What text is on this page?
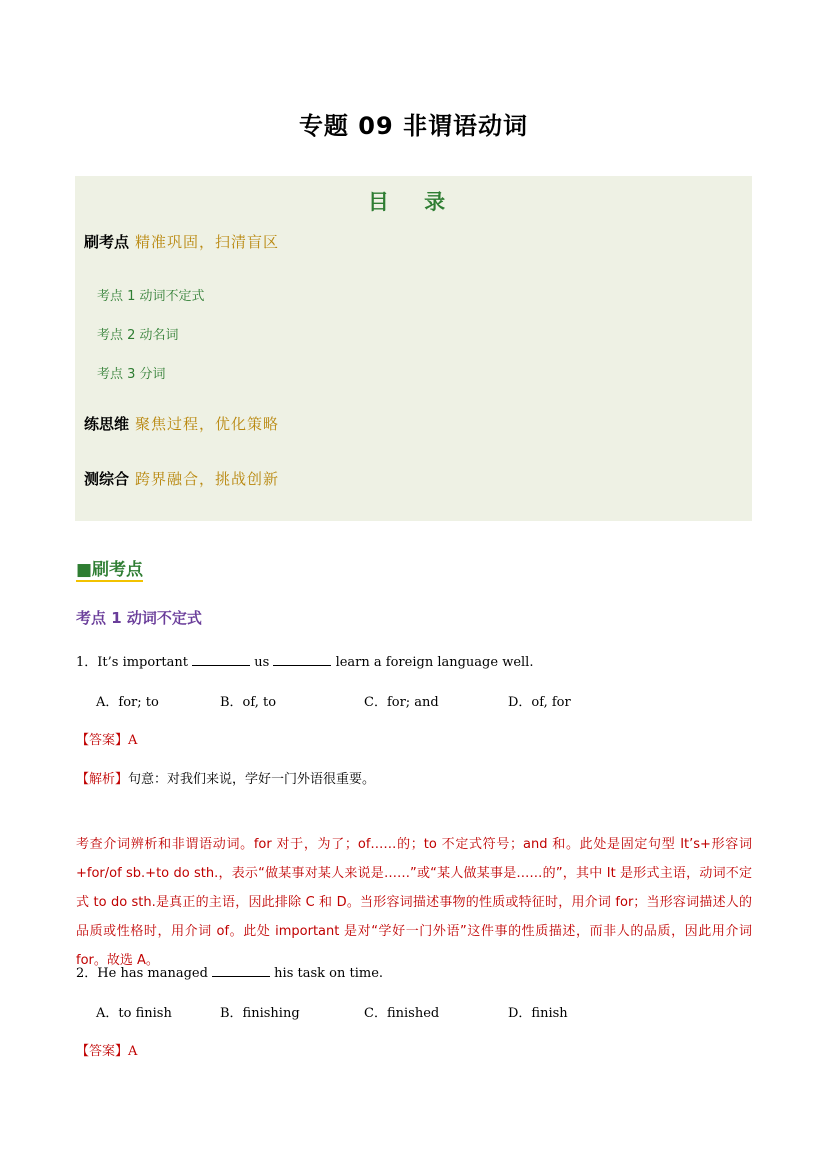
专题 09 非谓语动词
目 录
刷考点 精准巩固，扫清盲区
考点 1 动词不定式
考点 2 动名词
考点 3 分词
练思维 聚焦过程，优化策略
测综合 跨界融合，挑战创新
■刷考点
考点 1 动词不定式
1．It’s important	us	learn a foreign language well.
A．for; to	B．of, to	C．for; and	D．of, for
【答案】A
【解析】句意：对我们来说，学好一门外语很重要。
考查介词辨析和非谓语动词。for 对于，为了；of……的；to 不定式符号；and 和。此处是固定句型 It’s+形容词+for/of sb.+to do sth.，表示“做某事对某人来说是……”或“某人做某事是……的”，其中 It 是形式主语，动词不定式 to do sth.是真正的主语，因此排除 C 和 D。当形容词描述事物的性质或特征时，用介词 for；当形容词描述人的品质或性格时，用介词 of。此处 important 是对“学好一门外语”这件事的性质描述，而非人的品质，因此用介词 for。故选 A。
2．He has managed	his task on time.
A．to finish	B．finishing	C．finished	D．finish
【答案】A
